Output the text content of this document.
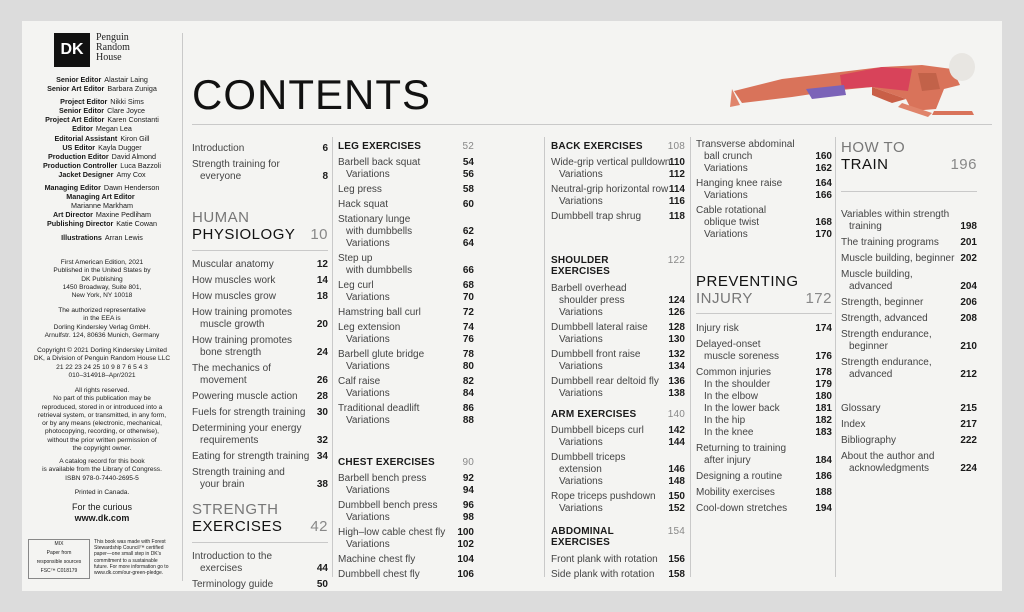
DK
Penguin
Random
House
Senior Editor Alastair Laing
Senior Art Editor Barbara Zuniga
Project Editor Nikki Sims
Senior Editor Clare Joyce
Project Art Editor Karen Constanti
Editor Megan Lea
Editorial Assistant Kiron Gill
US Editor Kayla Dugger
Production Editor David Almond
Production Controller Luca Bazzoli
Jacket Designer Amy Cox
Managing Editor Dawn Henderson
Managing Art Editor
Marianne Markham
Art Director Maxine Pedliham
Publishing Director Katie Cowan
Illustrations Arran Lewis
First American Edition, 2021
Published in the United States by
DK Publishing
1450 Broadway, Suite 801,
New York, NY 10018
The authorized representative
in the EEA is
Dorling Kindersley Verlag GmbH.
Arnulfstr. 124, 80636 Munich, Germany
Copyright © 2021 Dorling Kindersley Limited
DK, a Division of Penguin Random House LLC
21 22 23 24 25 10 9 8 7 6 5 4 3
010–314918–Apr/2021
All rights reserved.
No part of this publication may be
reproduced, stored in or introduced into a
retrieval system, or transmitted, in any form,
or by any means (electronic, mechanical,
photocopying, recording, or otherwise),
without the prior written permission of
the copyright owner.
A catalog record for this book
is available from the Library of Congress.
ISBN 978-0-7440-2695-5
Printed in Canada.
For the curious
www.dk.com
MIX
Paper from
responsible sources
FSC™ C018179
This book was made with Forest
Stewardship Council™ certified
paper—one small step in DK's
commitment to a sustainable
future. For more information go to
www.dk.com/our-green-pledge.
CONTENTS
Introduction	6
Strength training for
everyone	8
HUMAN
PHYSIOLOGY 10
Muscular anatomy	12
How muscles work	14
How muscles grow	18
How training promotes
muscle growth	20
How training promotes
bone strength	24
The mechanics of
movement	26
Powering muscle action	28
Fuels for strength training	30
Determining your energy
requirements	32
Eating for strength training 34
Strength training and
your brain	38
STRENGTH
EXERCISES	42
Introduction to the
exercises	44
Terminology guide	50
LEG EXERCISES	52
Barbell back squat	54
Variations	56
Leg press	58
Hack squat	60
Stationary lunge
with dumbbells	62
Variations	64
Step up
with dumbbells	66
Leg curl	68
Variations	70
Hamstring ball curl	72
Leg extension	74
Variations	76
Barbell glute bridge	78
Variations	80
Calf raise	82
Variations	84
Traditional deadlift	86
Variations	88
CHEST EXERCISES	90
Barbell bench press	92
Variations	94
Dumbbell bench press	96
Variations	98
High–low cable chest fly	100
Variations	102
Machine chest fly	104
Dumbbell chest fly	106
BACK EXERCISES	108
Wide-grip vertical pulldown
110
Variations	112
Neutral-grip horizontal row 114
Variations	116
Dumbbell trap shrug	118
SHOULDER
EXERCISES
122
Barbell overhead
shoulder press	124
Variations	126
Dumbbell lateral raise	128
Variations	130
Dumbbell front raise	132
Variations	134
Dumbbell rear deltoid fly 136
Variations	138
ARM EXERCISES	140
Dumbbell biceps curl	142
Variations	144
Dumbbell triceps
extension	146
Variations	148
Rope triceps pushdown	150
Variations	152
ABDOMINAL
EXERCISES
154
Front plank with rotation	156
Side plank with rotation	158
Transverse abdominal
ball crunch	160
Variations	162
Hanging knee raise	164
Variations	166
Cable rotational
oblique twist	168
Variations	170
PREVENTING
INJURY	172
Injury risk	174
Delayed-onset
muscle soreness	176
Common injuries	178
In the shoulder	179
In the elbow	180
In the lower back	181
In the hip	182
In the knee	183
Returning to training
after injury	184
Designing a routine	186
Mobility exercises	188
Cool-down stretches	194
HOW TO
TRAIN	196
Variables within strength
training	198
The training programs	201
Muscle building, beginner 202
Muscle building,
advanced	204
Strength, beginner	206
Strength, advanced	208
Strength endurance,
beginner	210
Strength endurance,
advanced	212
Glossary	215
Index	217
Bibliography	222
About the author and
acknowledgments	224
